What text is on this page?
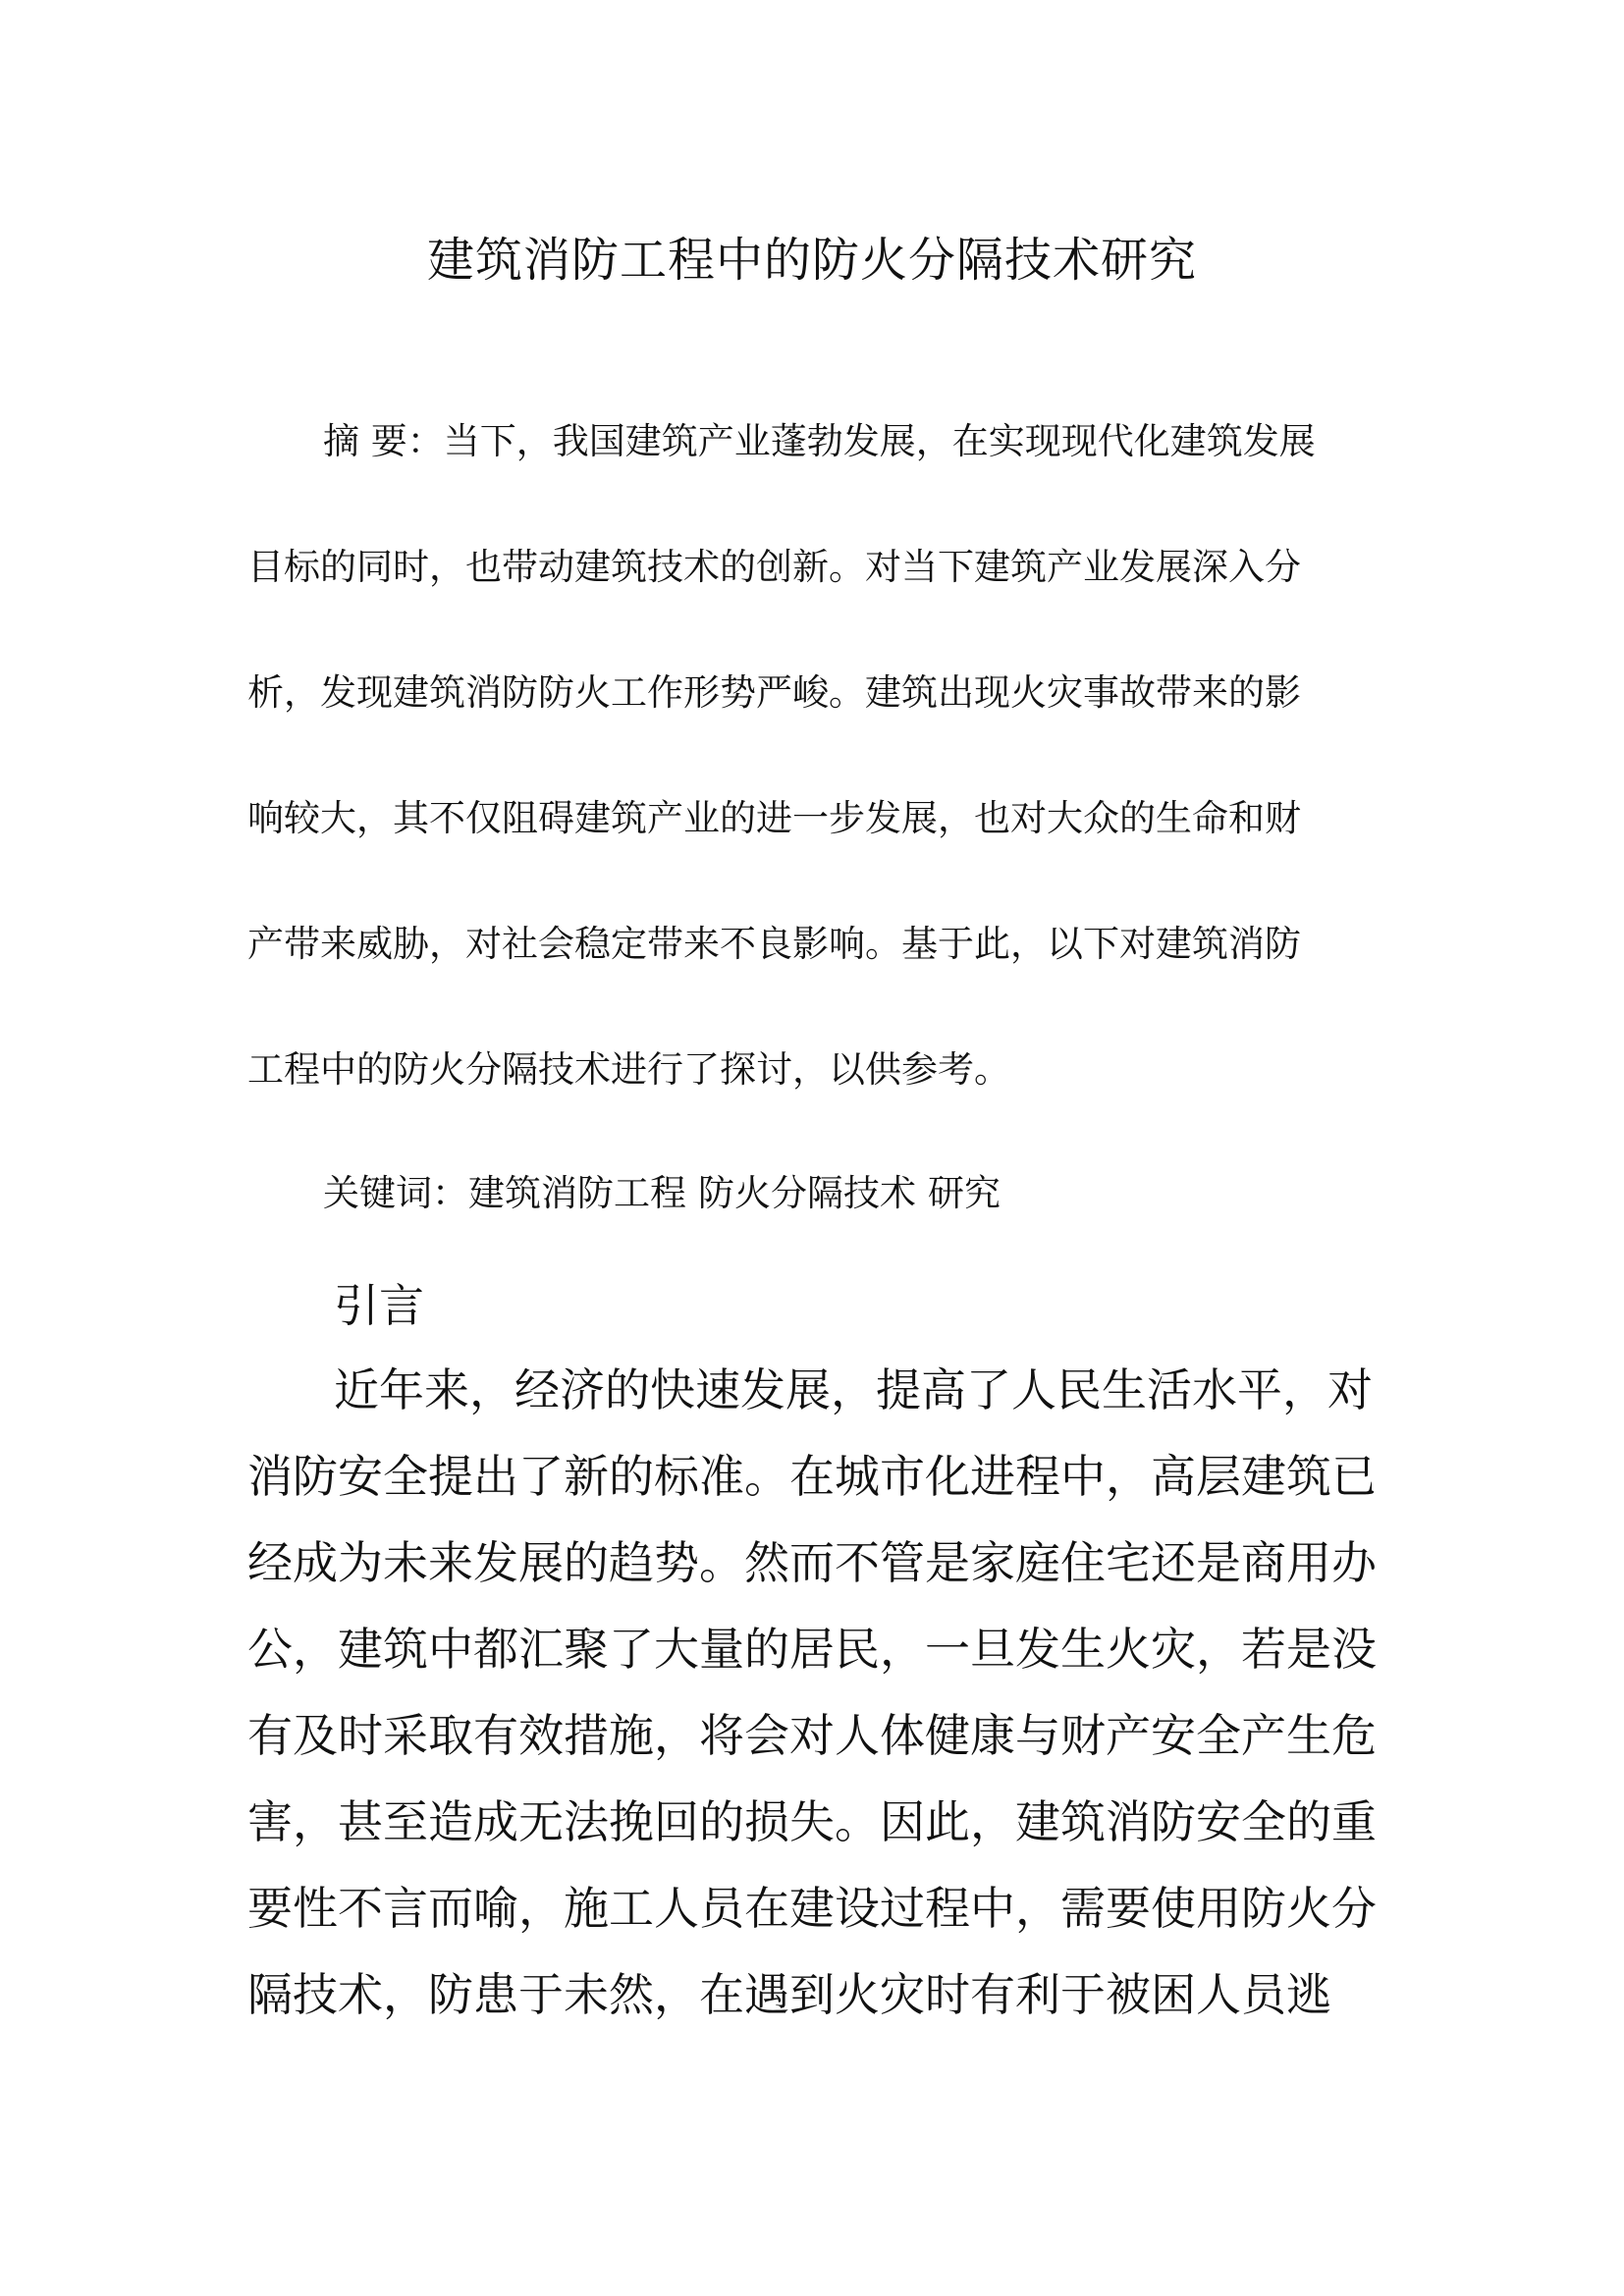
建筑消防工程中的防火分隔技术研究
摘 要：当下，我国建筑产业蓬勃发展，在实现现代化建筑发展
目标的同时，也带动建筑技术的创新。对当下建筑产业发展深入分
析，发现建筑消防防火工作形势严峻。建筑出现火灾事故带来的影
响较大，其不仅阻碍建筑产业的进一步发展，也对大众的生命和财
产带来威胁，对社会稳定带来不良影响。基于此，以下对建筑消防
工程中的防火分隔技术进行了探讨，以供参考。
关键词：建筑消防工程 防火分隔技术 研究
引言
近年来，经济的快速发展，提高了人民生活水平，对
消防安全提出了新的标准。在城市化进程中，高层建筑已
经成为未来发展的趋势。然而不管是家庭住宅还是商用办
公，建筑中都汇聚了大量的居民，一旦发生火灾，若是没
有及时采取有效措施，将会对人体健康与财产安全产生危
害，甚至造成无法挽回的损失。因此，建筑消防安全的重
要性不言而喻，施工人员在建设过程中，需要使用防火分
隔技术，防患于未然，在遇到火灾时有利于被困人员逃
